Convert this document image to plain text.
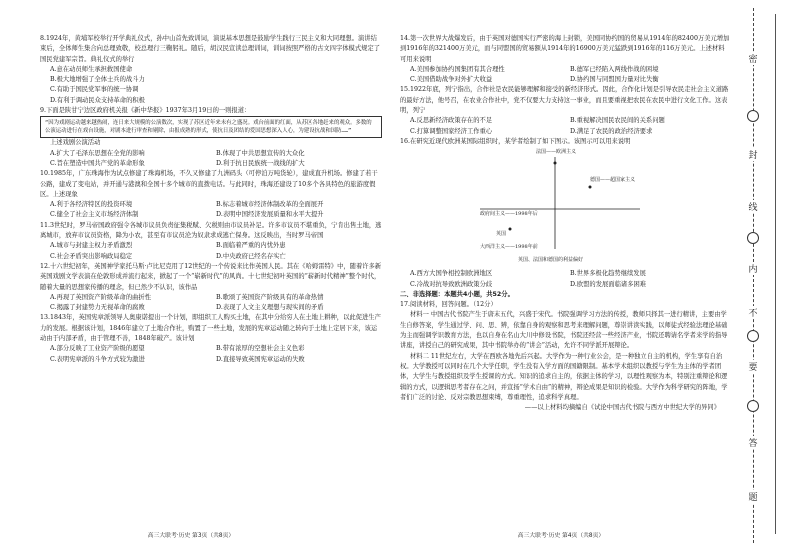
8.1924年，黄埔军校举行开学典礼仪式，孙中山首先致训词，演说基本思想是鼓励学生践行三民主义和大同理想。演讲结束后，全体师生集合向总理致敬，校总理行三鞠躬礼。随后，胡汉民宣读总理训词，训词按照严格的古文四字体模式规定了国民党建军宗旨。典礼仪式的举行

A.意在动员师生承担救国使命
B.极大地增强了全体士兵的战斗力
C.有助于国民党军事的统一协调
D.有利于调动民众支持革命的积极

9.下面是陕甘宁边区政府机关报《新中华报》1937年3月19日的一则报道：

“因为戏剧运动越来越热闹，连日来大规模的公演数次，实现了苏区近年来未有之盛况。戏台前面的红面，从苏区各地赶来的观众。多数的公演运动进行在戏台设施，对剧本进行审查和剔除，由报成熟的形式，使抗日及团结的爱国思想深入人心，为建设抗战和国防……”

上述戏剧公演活动

A.扩大了毛泽东思想在全党的影响	B.体现了中共思想宣传的大众化
C.旨在塑造中国共产党的革命形象	D.利于抗日民族统一战线的扩大

10.1985年，广东珠海作为试点修建了珠海机场，不久又修建了九洲码头（可停泊万吨货轮），建成直升机场。修建了若干公路，建成了变电站，并开通与港澳和全国十多个城市的直拨电话。与此同时，珠海还建设了10多个各具特色的旅游度假区。上述现象

A.利于各经济特区的投资环境	B.标志着城市经济体制改革的全面展开
C.健全了社会主义市场经济体制	D.表明中国经济发展质量和水平大提升

11.3世纪时，罗马帝国政府强令各城市议员负责征集税赋、欠税则由市议员补足。许多市议员不堪重负，宁肯出售土地，逃离城市，放弃市议员资格，降为小农，甚至有市议员沦为奴隶求成逃亡保身。这反映出，当时罗马帝国

A.城市与封建主权力矛盾激烈	B.面临着严重的内忧外患
C.社会矛盾突出影响政局稳定	D.中央政府已经名存实亡

12.十六世纪初年，英国神学家托马斯·卢比尼克用了12世纪的一个传说来比作英国人民。其在《哈姆雷特》中，随着许多新英国戏剧文学表演在伦敦形成并流行起来，掀起了一个“崭新时代”的风尚。十七世纪初叶英国的“崭新时代精神”整个时代，随着大量的思想家传播的理念，但已然少不认识，该作品

A.再现了英国资产阶级革命的曲折性	B.歌颂了英国资产阶级具有的革命热情
C.揭露了封建势力无视革命的腐败	D.表现了人文主义理想与现实间的矛盾

13.1843年，英国宪章派领导人奥康诺提出一个计划，即组织工人购买土地，在其中分给穷人在土地上耕种，以此促进生产力的发展。根据该计划，1846年建立了土地合作社，购置了一些土地，发展的宪章运动随之转向于土地上定居下来，该运动由于内部矛盾，由于管理不善，1848年破产。该计划

A.部分反映了工业资产阶级的愿望	B.带有浓厚的空想社会主义色彩
C.表明宪章派的斗争方式较为激进	D.直接导致英国宪章运动的失败
高三大联考·历史 第3页（共8页）

14.第一次世界大战爆发后，由于英国对德国实行严密的海上封锁，美国同协约国的贸易从1914年的82400万美元增加到1916年的321400万美元，而与同盟国的贸易额从1914年的16900万美元猛跌到1916年的116万美元。上述材料可用来说明

A.美国参加协约国集团有其合理性	B.德军已经陷入两线作战的困境
C.美国借助战争对外扩大收益	D.协约国与同盟国力量对比失衡

15.1922年底，列宁指出，合作社是农民能够理解和接受的新经济形式。因此，合作化计划是引导农民走社会主义道路的最好方法，他号召，在农业合作社中，党不仅要大力支持这一事业，而且要重视把农民在农民中进行文化工作。这表明，列宁

A.反思新经济政策存在的不足	B.重视解决国民农民间的关系问题
C.打算调整国家经济工作重心	D.满足了农民的政治经济要求

16.在研究近现代欧洲某国际组织时，某学者绘制了如下图示。该图示可以用来说明

法国——欧洲主义
德国——超国家主义
政府间主义——1998年后
英国
大西洋主义——1998年前
英国、法国和德国的利益偏好
A.西方大国争相控制欧洲地区	B.世界多极化趋势继续发展
C.冷战对抗导致欧洲政策分歧	D.欧盟的发展面临诸多困难

二、非选择题：本题共4小题，共52分。

17.阅读材料，回答问题。（12分）

材料一 中国古代书院产生于唐末五代，兴盛于宋代。书院强调学习方法的传授，教师只择其一进行精讲，主要由学生自修答案，学生通过学、问、思、辨，依靠自身的观察和思考来理解问题，尊崇讲读实践，以师徒式经验法理论基础为主而强调学识教育方法，也以自身在名山大川中修设书院，书院还经营一些经济产业，书院还聘请名学者来学的指导讲座，讲授自己的研究成果，其中书院举办的“讲会”活动，允许不同学派开展辩论。

材料二 11世纪左右，大学在西欧各地先后兴起。大学作为一种行业公会，是一种独立自主的机构，学生享有自治权。大学教授可以同时在几个大学任职，学生没有入学方面的国籍限制。基本学术组织以教授与学生为主体的学者团体，大学生与教授组织及学生授课的方式。知识的追求自主的，依据主体的学习，以理性观察为本，特别注重辩论和逻辑的方式，以逻辑思考者存在之问，并宣扬“学术自由”的精神，辩论成果是知识的检验。大学作为科学研究的阵地，学者们广泛的讨论、反对宗教思想束缚，尊重理性，追求科学真理。

——以上材料均摘编自《试论中国古代书院与西方中世纪大学的异同》

高三大联考·历史 第4页（共8页）
密
封
线
内
不
要
答
题
